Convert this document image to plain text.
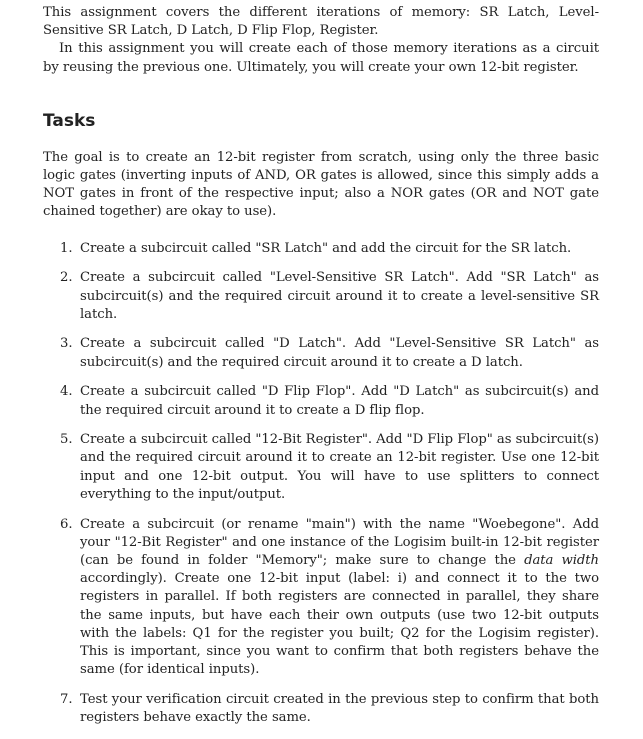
This assignment covers the different iterations of memory: SR Latch, Level-Sensitive SR Latch, D Latch, D Flip Flop, Register.

In this assignment you will create each of those memory iterations as a circuit by reusing the previous one. Ultimately, you will create your own 12-bit register.

Tasks

The goal is to create an 12-bit register from scratch, using only the three basic logic gates (inverting inputs of AND, OR gates is allowed, since this simply adds a NOT gates in front of the respective input; also a NOR gates (OR and NOT gate chained together) are okay to use).

1. Create a subcircuit called "SR Latch" and add the circuit for the SR latch.
2. Create a subcircuit called "Level-Sensitive SR Latch". Add "SR Latch" as subcircuit(s) and the required circuit around it to create a level-sensitive SR latch.
3. Create a subcircuit called "D Latch". Add "Level-Sensitive SR Latch" as subcircuit(s) and the required circuit around it to create a D latch.
4. Create a subcircuit called "D Flip Flop". Add "D Latch" as subcircuit(s) and the required circuit around it to create a D flip flop.
5. Create a subcircuit called "12-Bit Register". Add "D Flip Flop" as subcircuit(s) and the required circuit around it to create an 12-bit register. Use one 12-bit input and one 12-bit output. You will have to use splitters to connect everything to the input/output.
6. Create a subcircuit (or rename "main") with the name "Woebegone". Add your "12-Bit Register" and one instance of the Logisim built-in 12-bit register (can be found in folder "Memory"; make sure to change the data width accordingly). Create one 12-bit input (label: i) and connect it to the two registers in parallel. If both registers are connected in parallel, they share the same inputs, but have each their own outputs (use two 12-bit outputs with the labels: Q1 for the register you built; Q2 for the Logisim register). This is important, since you want to confirm that both registers behave the same (for identical inputs).
7. Test your verification circuit created in the previous step to confirm that both registers behave exactly the same.
